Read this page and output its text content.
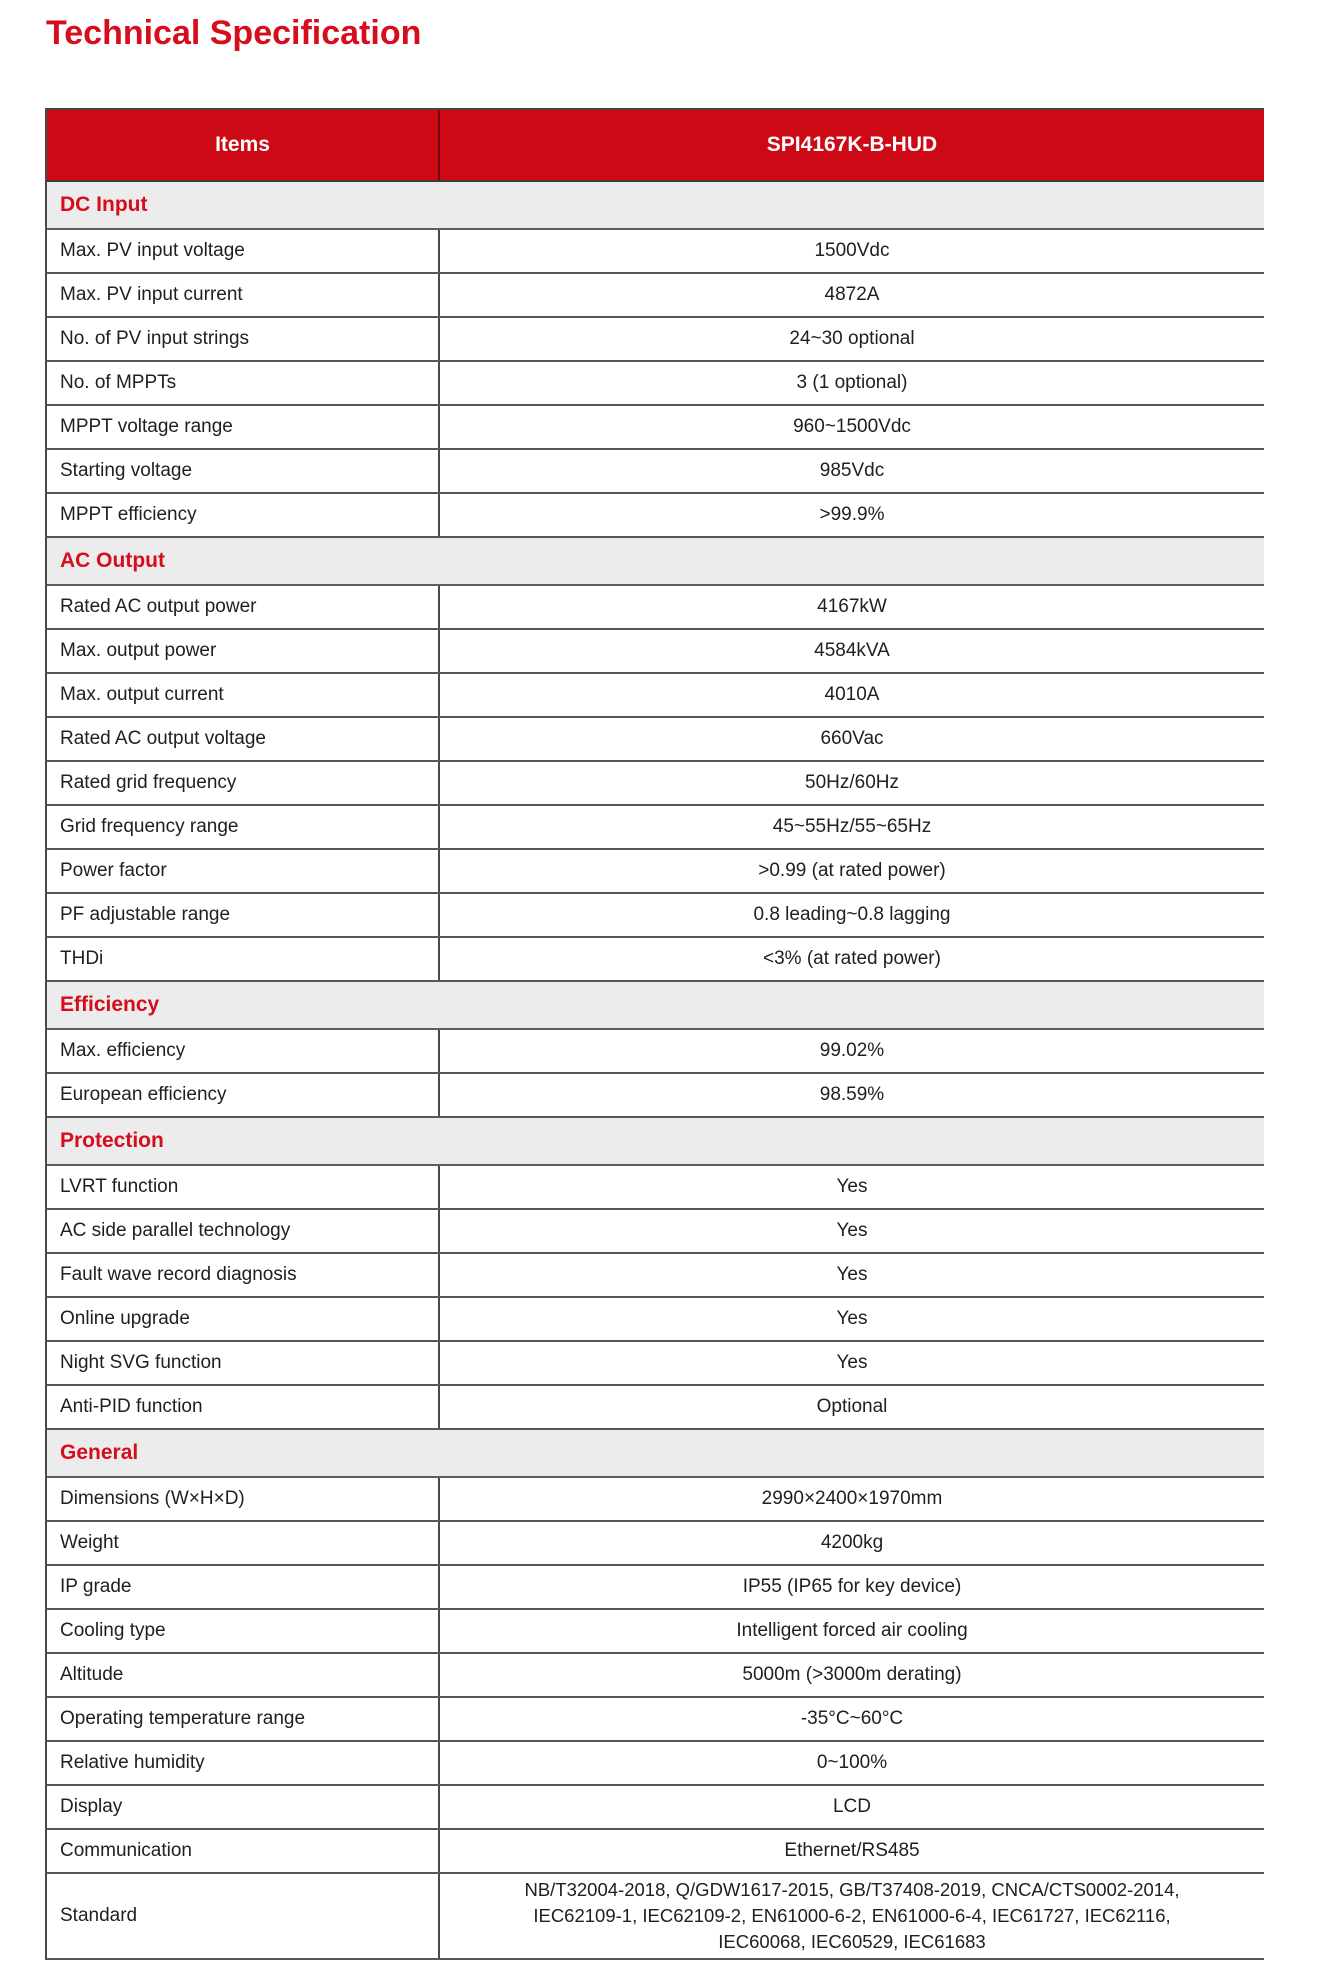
Technical Specification
Items	SPI4167K-B-HUD
DC Input
Max. PV input voltage	1500Vdc
Max. PV input current	4872A
No. of PV input strings	24~30 optional
No. of MPPTs	3 (1 optional)
MPPT voltage range	960~1500Vdc
Starting voltage	985Vdc
MPPT efficiency	>99.9%
AC Output
Rated AC output power	4167kW
Max. output power	4584kVA
Max. output current	4010A
Rated AC output voltage	660Vac
Rated grid frequency	50Hz/60Hz
Grid frequency range	45~55Hz/55~65Hz
Power factor	>0.99 (at rated power)
PF adjustable range	0.8 leading~0.8 lagging
THDi	<3% (at rated power)
Efficiency
Max. efficiency	99.02%
European efficiency	98.59%
Protection
LVRT function	Yes
AC side parallel technology	Yes
Fault wave record diagnosis	Yes
Online upgrade	Yes
Night SVG function	Yes
Anti-PID function	Optional
General
Dimensions (W×H×D)	2990×2400×1970mm
Weight	4200kg
IP grade	IP55 (IP65 for key device)
Cooling type	Intelligent forced air cooling
Altitude	5000m (>3000m derating)
Operating temperature range	-35°C~60°C
Relative humidity	0~100%
Display	LCD
Communication	Ethernet/RS485
Standard
NB/T32004-2018, Q/GDW1617-2015, GB/T37408-2019, CNCA/CTS0002-2014,
IEC62109-1, IEC62109-2, EN61000-6-2, EN61000-6-4, IEC61727, IEC62116,
IEC60068, IEC60529, IEC61683
